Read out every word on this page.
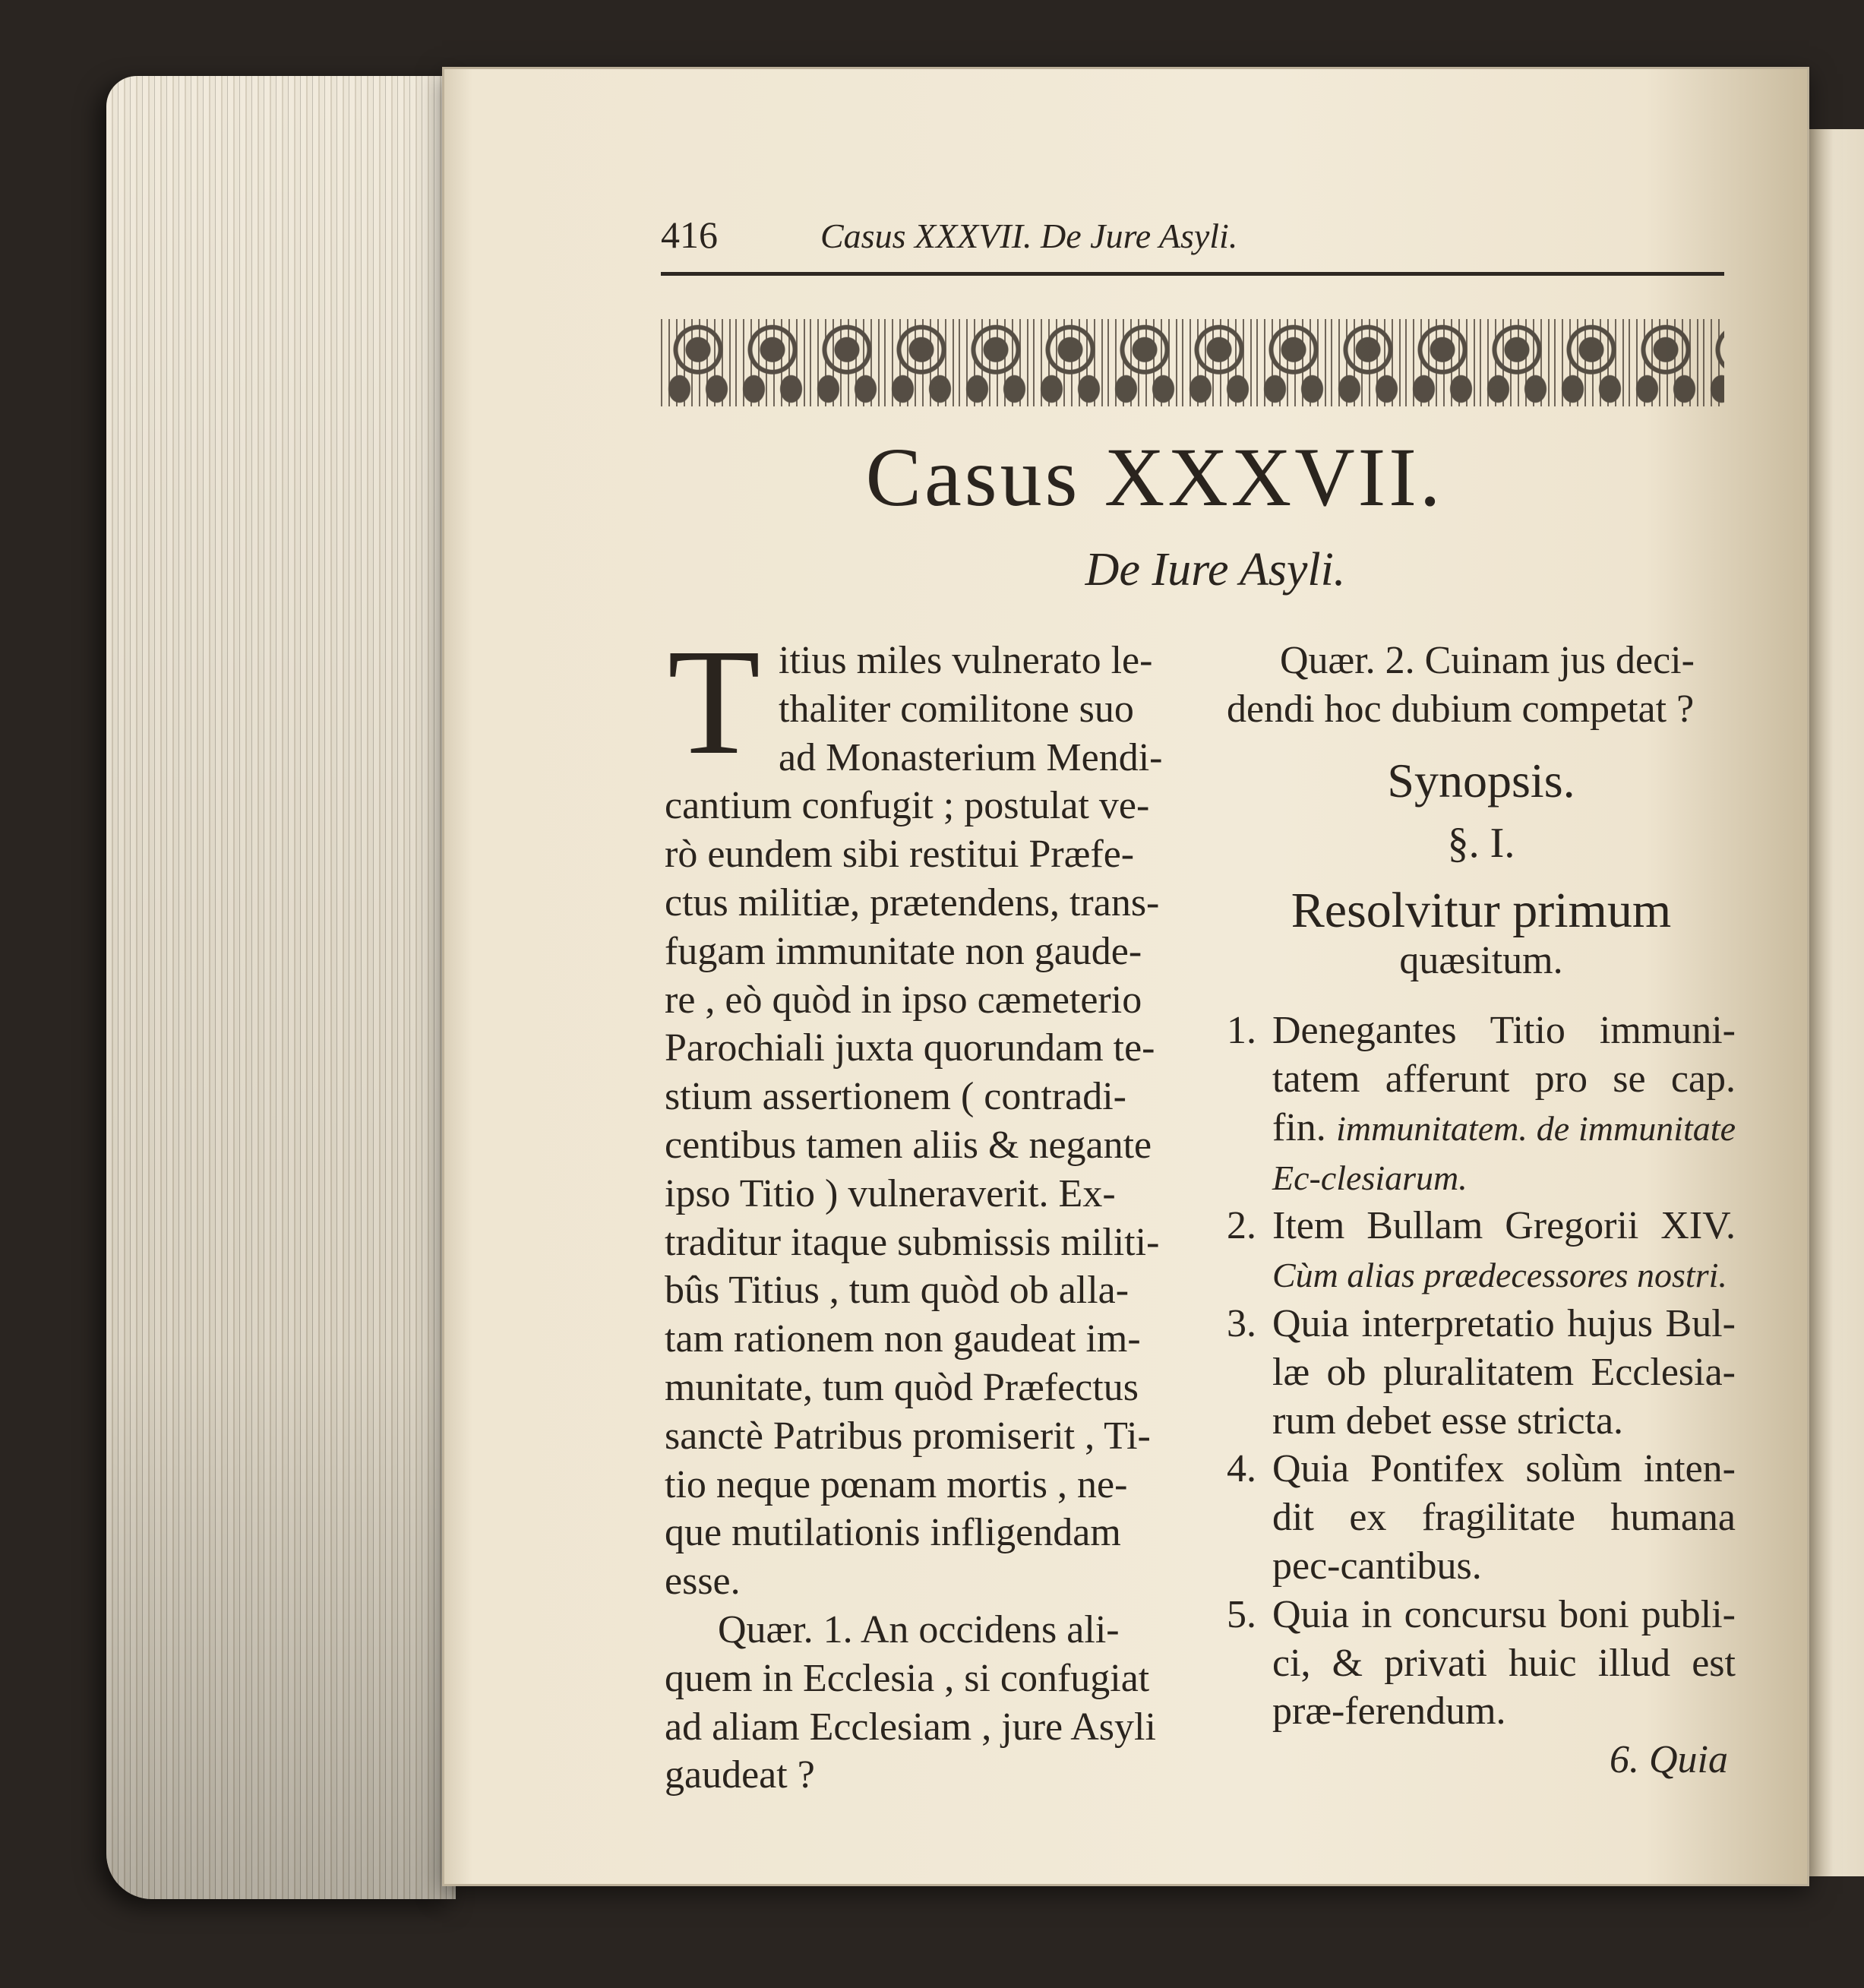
416	Casus XXXVII. De Jure Asyli.
Casus XXXVII.
De Iure Asyli.
T itius miles vulnerato le-
thaliter comilitone suo
ad Monasterium Mendi-
cantium confugit ; postulat ve-
rò eundem sibi restitui Præfe-
ctus militiæ, prætendens, trans-
fugam immunitate non gaude-
re , eò quòd in ipso cæmeterio
Parochiali juxta quorundam te-
stium assertionem ( contradi-
centibus tamen aliis & negante
ipso Titio ) vulneraverit. Ex-
traditur itaque submissis militi-
bûs Titius , tum quòd ob alla-
tam rationem non gaudeat im-
munitate, tum quòd Præfectus
sanctè Patribus promiserit , Ti-
tio neque pœnam mortis , ne-
que mutilationis infligendam
esse.
Quær. 1. An occidens ali-
quem in Ecclesia , si confugiat
ad aliam Ecclesiam , jure Asyli
gaudeat ?
Quær. 2. Cuinam jus deci-
dendi hoc dubium competat ?
Synopsis.
§. I.
Resolvitur primum
quæsitum.
1. Denegantes Titio immuni-tatem afferunt pro se cap. fin. immunitatem. de immunitate Ec-clesiarum.
2. Item Bullam Gregorii XIV. Cùm alias prædecessores nostri.
3. Quia interpretatio hujus Bul-læ ob pluralitatem Ecclesia-rum debet esse stricta.
4. Quia Pontifex solùm inten-dit ex fragilitate humana pec-cantibus.
5. Quia in concursu boni publi-ci, & privati huic illud est præ-ferendum.
6. Quia
